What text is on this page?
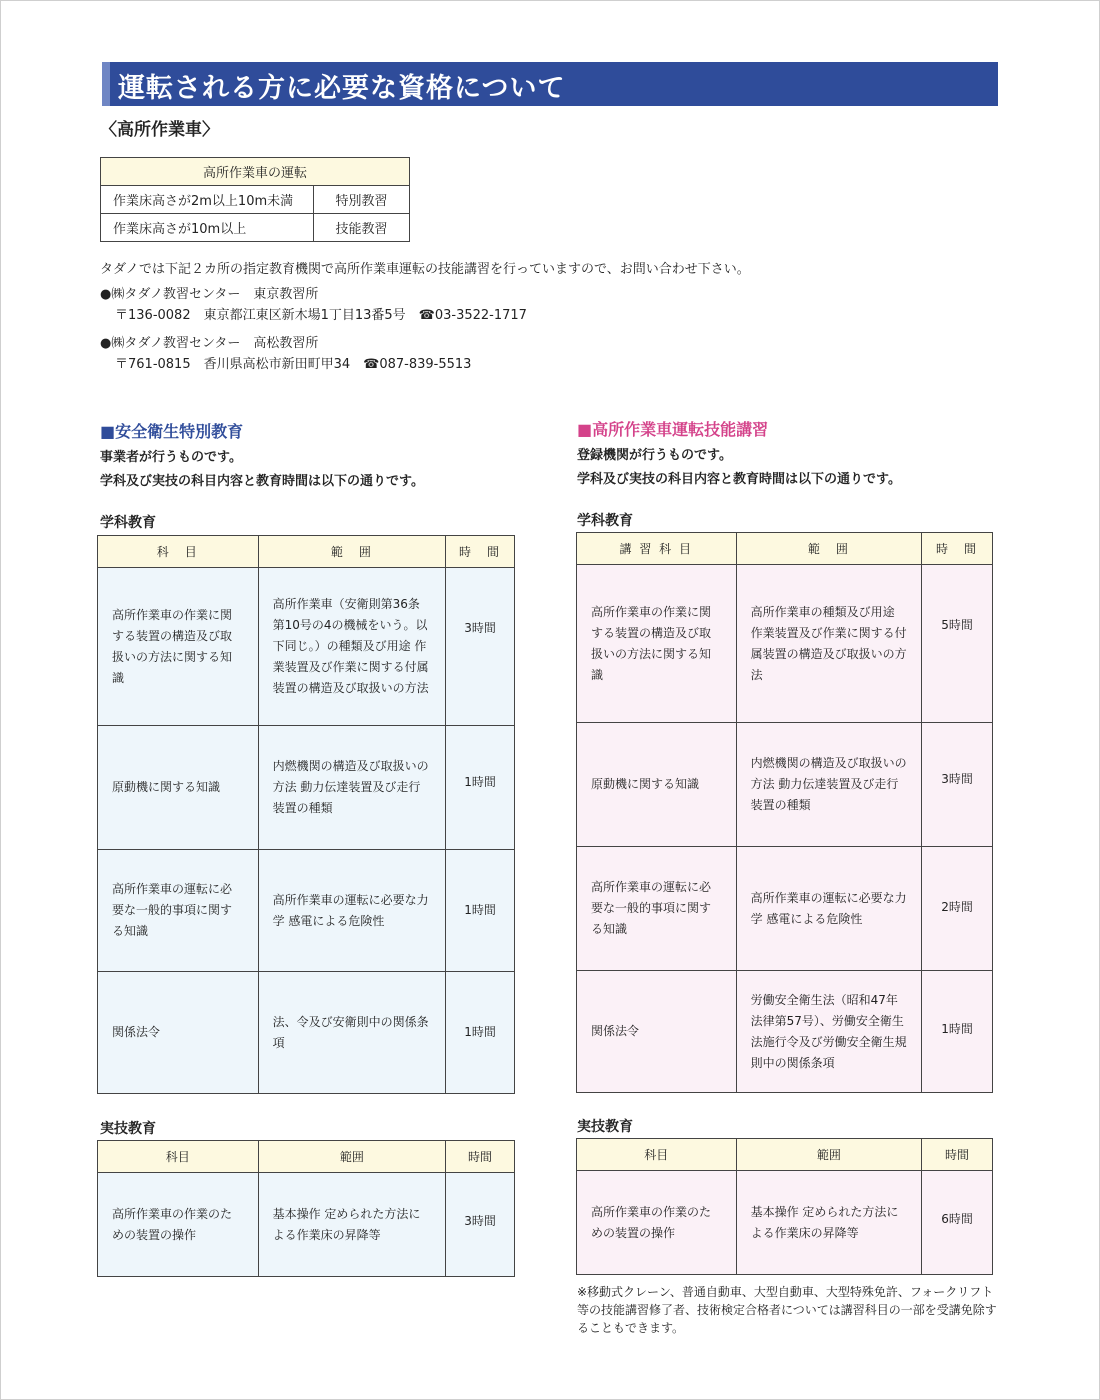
運転される方に必要な資格について
〈高所作業車〉
高所作業車の運転	
作業床高さが2m以上10m未満	特別教習
作業床高さが10m以上	技能教習
タダノでは下記２カ所の指定教育機関で高所作業車運転の技能講習を行っていますので、お問い合わせ下さい。
●㈱タダノ教習センター　東京教習所
〒136-0082　東京都江東区新木場1丁目13番5号　☎03-3522-1717
●㈱タダノ教習センター　高松教習所
〒761-0815　香川県高松市新田町甲34　☎087-839-5513
■安全衛生特別教育
事業者が行うものです。
学科及び実技の科目内容と教育時間は以下の通りです。
学科教育
科　目	範　囲	時　間
高所作業車の作業に関する装置の構造及び取扱いの方法に関する知識	高所作業車（安衛則第36条第10号の4の機械をいう。以下同じ。）の種類及び用途 作業装置及び作業に関する付属装置の構造及び取扱いの方法	3時間
原動機に関する知識	内燃機関の構造及び取扱いの方法 動力伝達装置及び走行装置の種類	1時間
高所作業車の運転に必要な一般的事項に関する知識	高所作業車の運転に必要な力学 感電による危険性	1時間
関係法令	法、令及び安衛則中の関係条項	1時間
実技教育
科目	範囲	時間
高所作業車の作業のための装置の操作	基本操作 定められた方法による作業床の昇降等	3時間
■高所作業車運転技能講習
登録機関が行うものです。
学科及び実技の科目内容と教育時間は以下の通りです。
学科教育
講 習 科 目	範　囲	時　間
高所作業車の作業に関する装置の構造及び取扱いの方法に関する知識	高所作業車の種類及び用途 作業装置及び作業に関する付属装置の構造及び取扱いの方法	5時間
原動機に関する知識	内燃機関の構造及び取扱いの方法 動力伝達装置及び走行装置の種類	3時間
高所作業車の運転に必要な一般的事項に関する知識	高所作業車の運転に必要な力学 感電による危険性	2時間
関係法令	労働安全衛生法（昭和47年法律第57号）、労働安全衛生法施行令及び労働安全衛生規則中の関係条項	1時間
実技教育
科目	範囲	時間
高所作業車の作業のための装置の操作	基本操作 定められた方法による作業床の昇降等	6時間
※移動式クレーン、普通自動車、大型自動車、大型特殊免許、フォークリフト等の技能講習修了者、技術検定合格者については講習科目の一部を受講免除することもできます。
